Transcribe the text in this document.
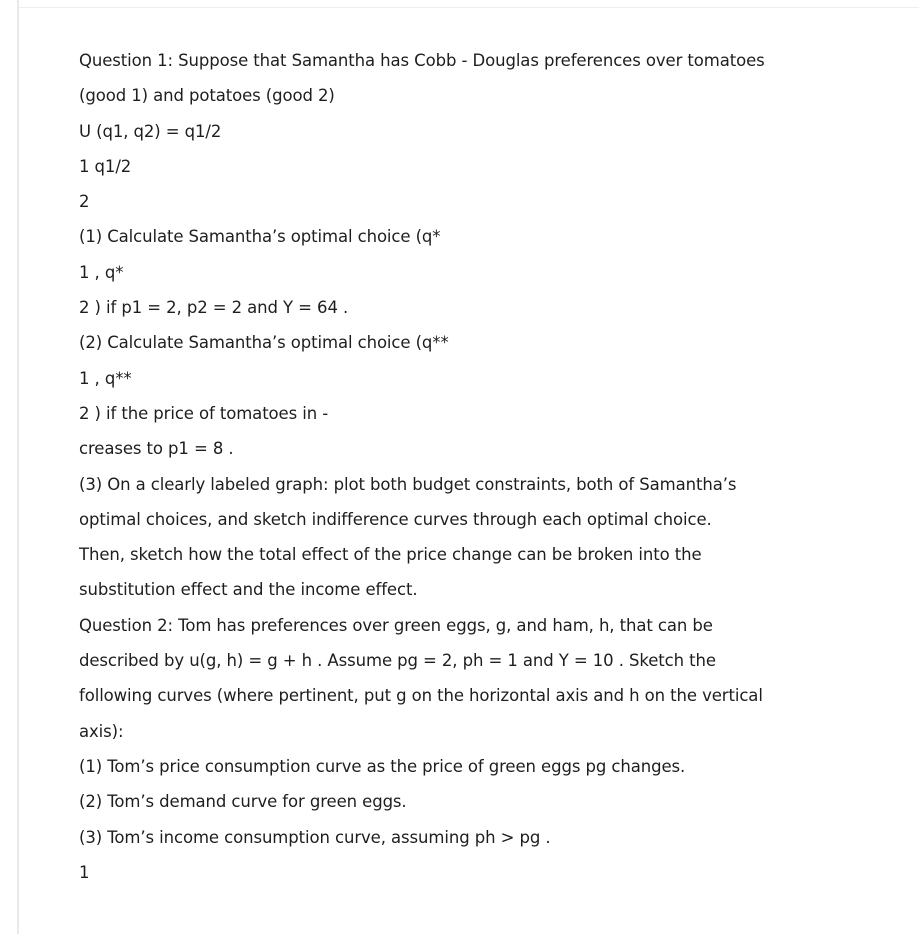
Question 1: Suppose that Samantha has Cobb - Douglas preferences over tomatoes
(good 1) and potatoes (good 2)
U (q1, q2) = q1/2
1 q1/2
2
(1) Calculate Samantha’s optimal choice (q*
1 , q*
2 ) if p1 = 2, p2 = 2 and Y = 64 .
(2) Calculate Samantha’s optimal choice (q**
1 , q**
2 ) if the price of tomatoes in -
creases to p1 = 8 .
(3) On a clearly labeled graph: plot both budget constraints, both of Samantha’s
optimal choices, and sketch indifference curves through each optimal choice.
Then, sketch how the total effect of the price change can be broken into the
substitution effect and the income effect.
Question 2: Tom has preferences over green eggs, g, and ham, h, that can be
described by u(g, h) = g + h . Assume pg = 2, ph = 1 and Y = 10 . Sketch the
following curves (where pertinent, put g on the horizontal axis and h on the vertical
axis):
(1) Tom’s price consumption curve as the price of green eggs pg changes.
(2) Tom’s demand curve for green eggs.
(3) Tom’s income consumption curve, assuming ph > pg .
1
